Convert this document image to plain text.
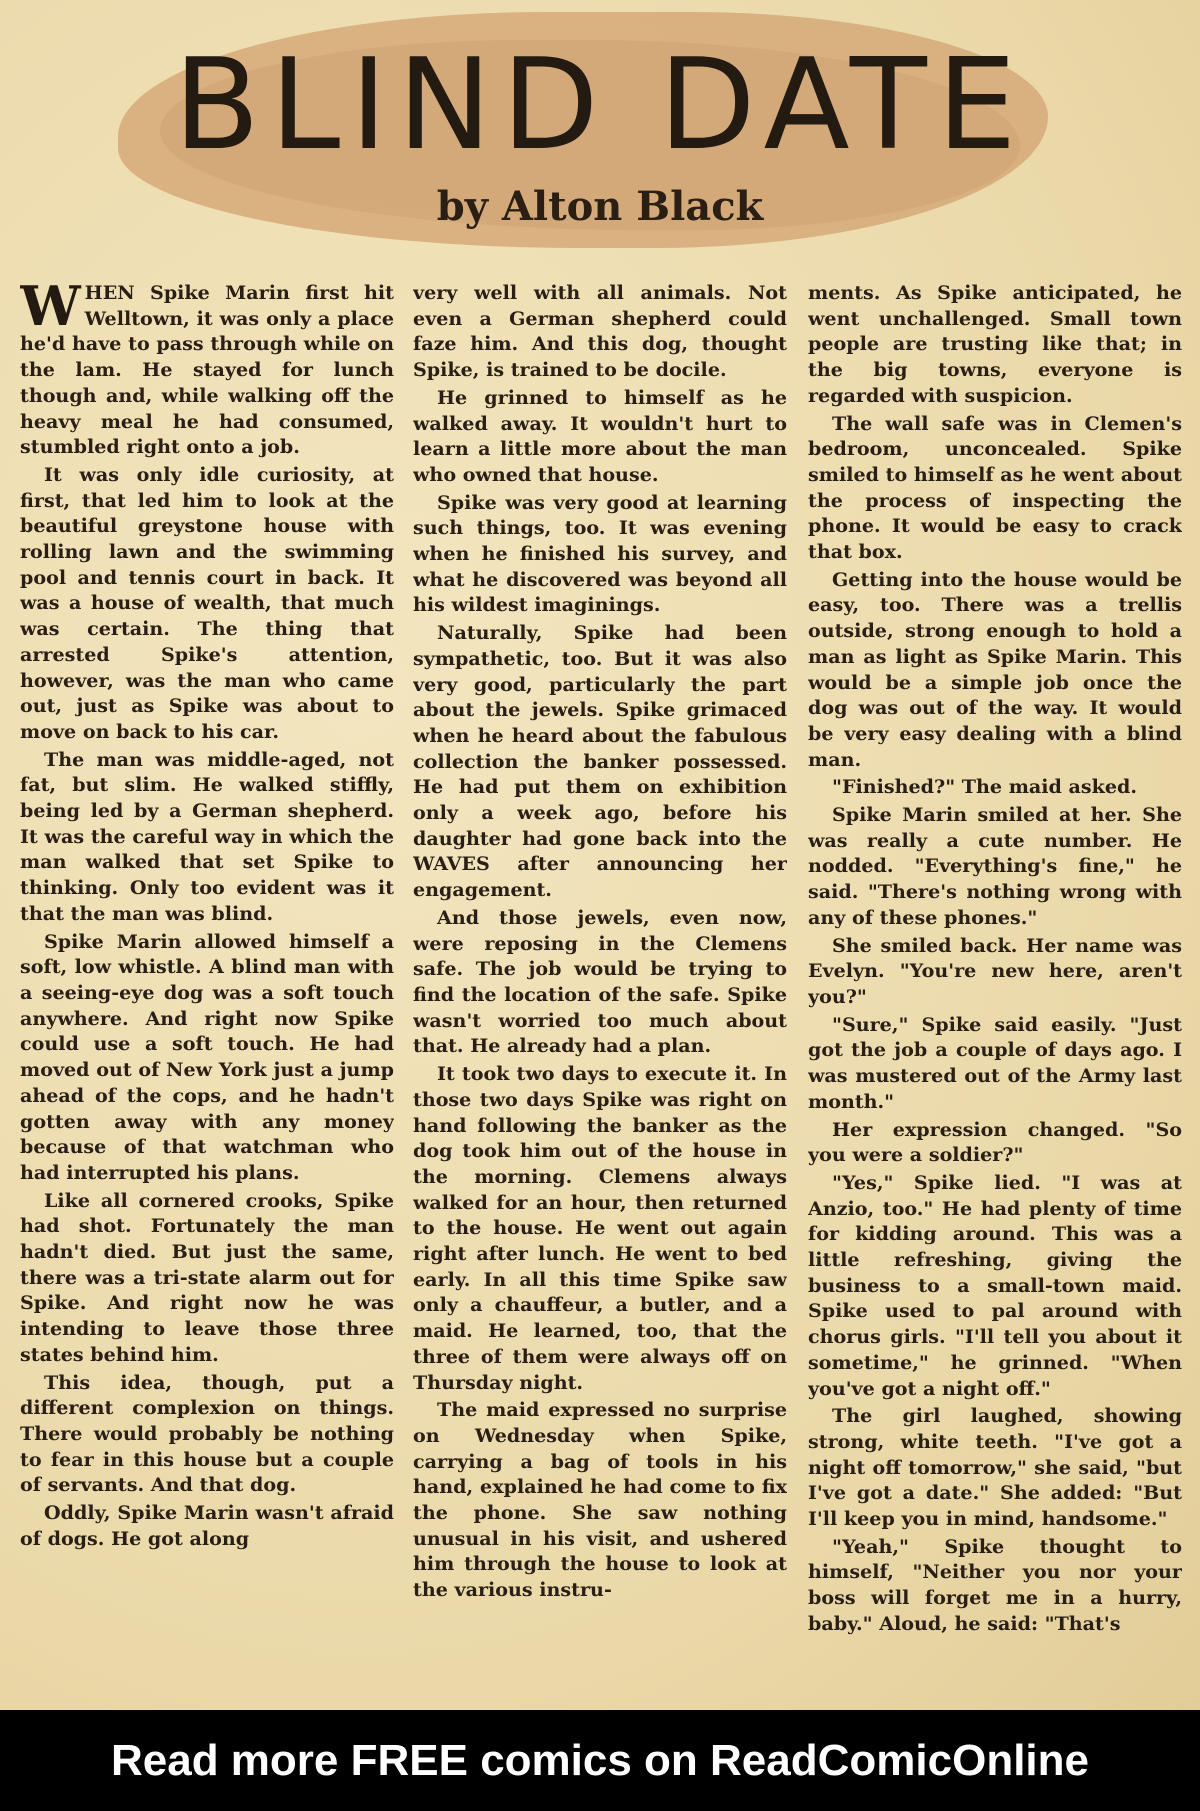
BLIND DATE

by Alton Black

WHEN Spike Marin first hit Welltown, it was only a place he'd have to pass through while on the lam. He stayed for lunch though and, while walking off the heavy meal he had consumed, stumbled right onto a job.

It was only idle curiosity, at first, that led him to look at the beautiful greystone house with rolling lawn and the swimming pool and tennis court in back. It was a house of wealth, that much was certain. The thing that arrested Spike's attention, however, was the man who came out, just as Spike was about to move on back to his car.

The man was middle-aged, not fat, but slim. He walked stiffly, being led by a German shepherd. It was the careful way in which the man walked that set Spike to thinking. Only too evident was it that the man was blind.

Spike Marin allowed himself a soft, low whistle. A blind man with a seeing-eye dog was a soft touch anywhere. And right now Spike could use a soft touch. He had moved out of New York just a jump ahead of the cops, and he hadn't gotten away with any money because of that watchman who had interrupted his plans.

Like all cornered crooks, Spike had shot. Fortunately the man hadn't died. But just the same, there was a tri-state alarm out for Spike. And right now he was intending to leave those three states behind him.

This idea, though, put a different complexion on things. There would probably be nothing to fear in this house but a couple of servants. And that dog.

Oddly, Spike Marin wasn't afraid of dogs. He got along

very well with all animals. Not even a German shepherd could faze him. And this dog, thought Spike, is trained to be docile.

He grinned to himself as he walked away. It wouldn't hurt to learn a little more about the man who owned that house.

Spike was very good at learning such things, too. It was evening when he finished his survey, and what he discovered was beyond all his wildest imaginings.

Naturally, Spike had been sympathetic, too. But it was also very good, particularly the part about the jewels. Spike grimaced when he heard about the fabulous collection the banker possessed. He had put them on exhibition only a week ago, before his daughter had gone back into the WAVES after announcing her engagement.

And those jewels, even now, were reposing in the Clemens safe. The job would be trying to find the location of the safe. Spike wasn't worried too much about that. He already had a plan.

It took two days to execute it. In those two days Spike was right on hand following the banker as the dog took him out of the house in the morning. Clemens always walked for an hour, then returned to the house. He went out again right after lunch. He went to bed early. In all this time Spike saw only a chauffeur, a butler, and a maid. He learned, too, that the three of them were always off on Thursday night.

The maid expressed no surprise on Wednesday when Spike, carrying a bag of tools in his hand, explained he had come to fix the phone. She saw nothing unusual in his visit, and ushered him through the house to look at the various instru-

ments. As Spike anticipated, he went unchallenged. Small town people are trusting like that; in the big towns, everyone is regarded with suspicion.

The wall safe was in Clemen's bedroom, unconcealed. Spike smiled to himself as he went about the process of inspecting the phone. It would be easy to crack that box.

Getting into the house would be easy, too. There was a trellis outside, strong enough to hold a man as light as Spike Marin. This would be a simple job once the dog was out of the way. It would be very easy dealing with a blind man.

"Finished?" The maid asked.

Spike Marin smiled at her. She was really a cute number. He nodded. "Everything's fine," he said. "There's nothing wrong with any of these phones."

She smiled back. Her name was Evelyn. "You're new here, aren't you?"

"Sure," Spike said easily. "Just got the job a couple of days ago. I was mustered out of the Army last month."

Her expression changed. "So you were a soldier?"

"Yes," Spike lied. "I was at Anzio, too." He had plenty of time for kidding around. This was a little refreshing, giving the business to a small-town maid. Spike used to pal around with chorus girls. "I'll tell you about it sometime," he grinned. "When you've got a night off."

The girl laughed, showing strong, white teeth. "I've got a night off tomorrow," she said, "but I've got a date." She added: "But I'll keep you in mind, handsome."

"Yeah," Spike thought to himself, "Neither you nor your boss will forget me in a hurry, baby." Aloud, he said: "That's

Read more FREE comics on ReadComicOnline
